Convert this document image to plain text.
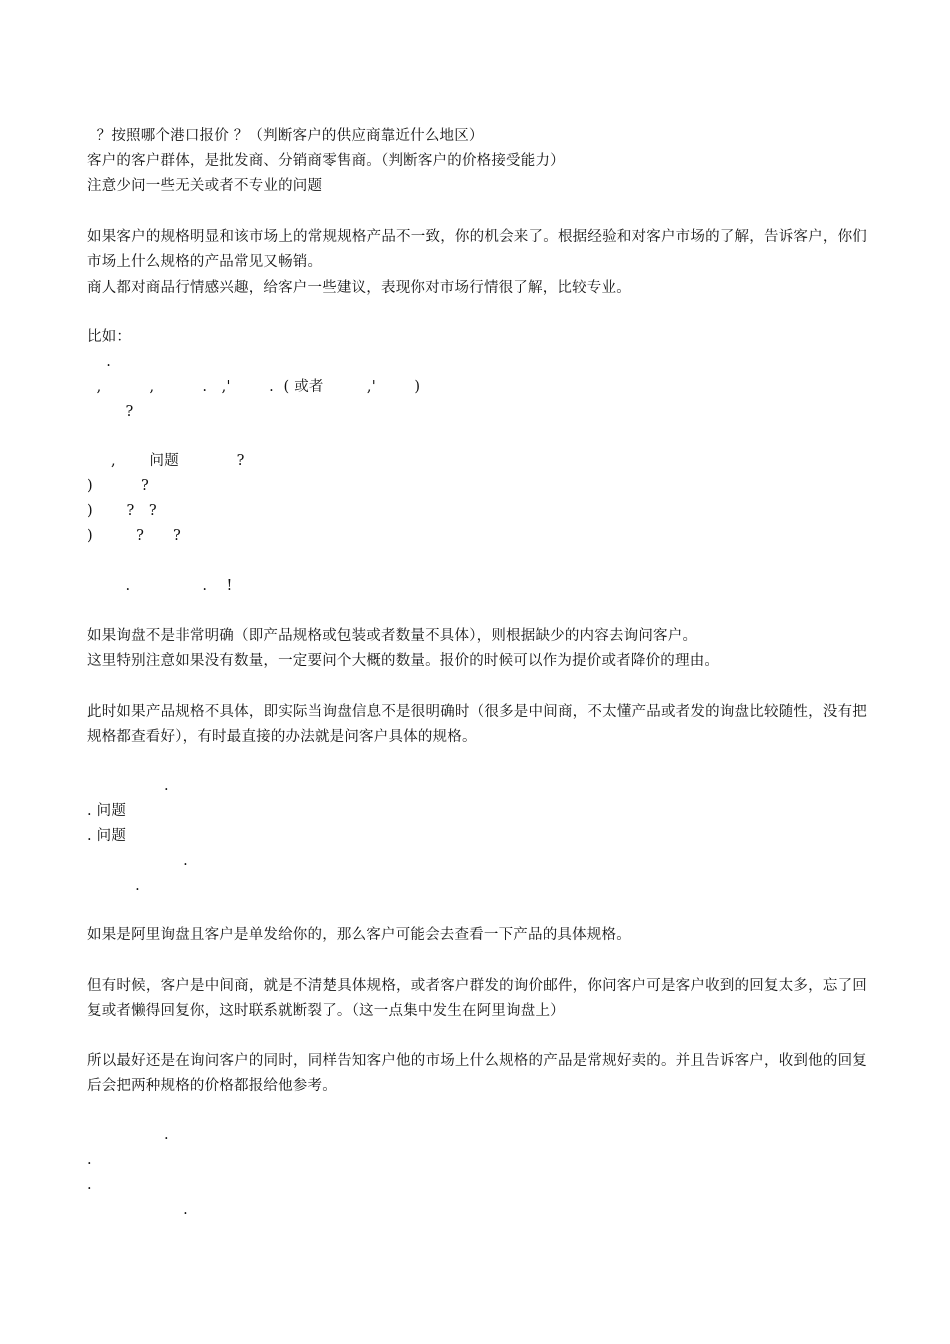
？按照哪个港口报价 ？（判断客户的供应商靠近什么地区）
客户的客户群体，是批发商、分销商零售商。（判断客户的价格接受能力）
注意少问一些无关或者不专业的问题
如果客户的规格明显和该市场上的常规规格产品不一致，你的机会来了。根据经验和对客户市场的了解，告诉客户，你们市场上什么规格的产品常见又畅销。
商人都对商品行情感兴趣，给客户一些建议，表现你对市场行情很了解，比较专业。
比如：
.
,          ,          .   ,'        .  ( 或者         ,'        )
?
,       问题            ?
)          ?
)       ?   ?
)         ?      ?
.               .    !
如果询盘不是非常明确（即产品规格或包装或者数量不具体），则根据缺少的内容去询问客户。
这里特别注意如果没有数量，一定要问个大概的数量。报价的时候可以作为提价或者降价的理由。
此时如果产品规格不具体，即实际当询盘信息不是很明确时（很多是中间商，不太懂产品或者发的询盘比较随性，没有把规格都查看好），有时最直接的办法就是问客户具体的规格。
.
. 问题
. 问题
.
.
如果是阿里询盘且客户是单发给你的，那么客户可能会去查看一下产品的具体规格。
但有时候，客户是中间商，就是不清楚具体规格，或者客户群发的询价邮件，你问客户可是客户收到的回复太多，忘了回复或者懒得回复你，这时联系就断裂了。（这一点集中发生在阿里询盘上）
所以最好还是在询问客户的同时，同样告知客户他的市场上什么规格的产品是常规好卖的。并且告诉客户，收到他的回复后会把两种规格的价格都报给他参考。
.
.
.
.
